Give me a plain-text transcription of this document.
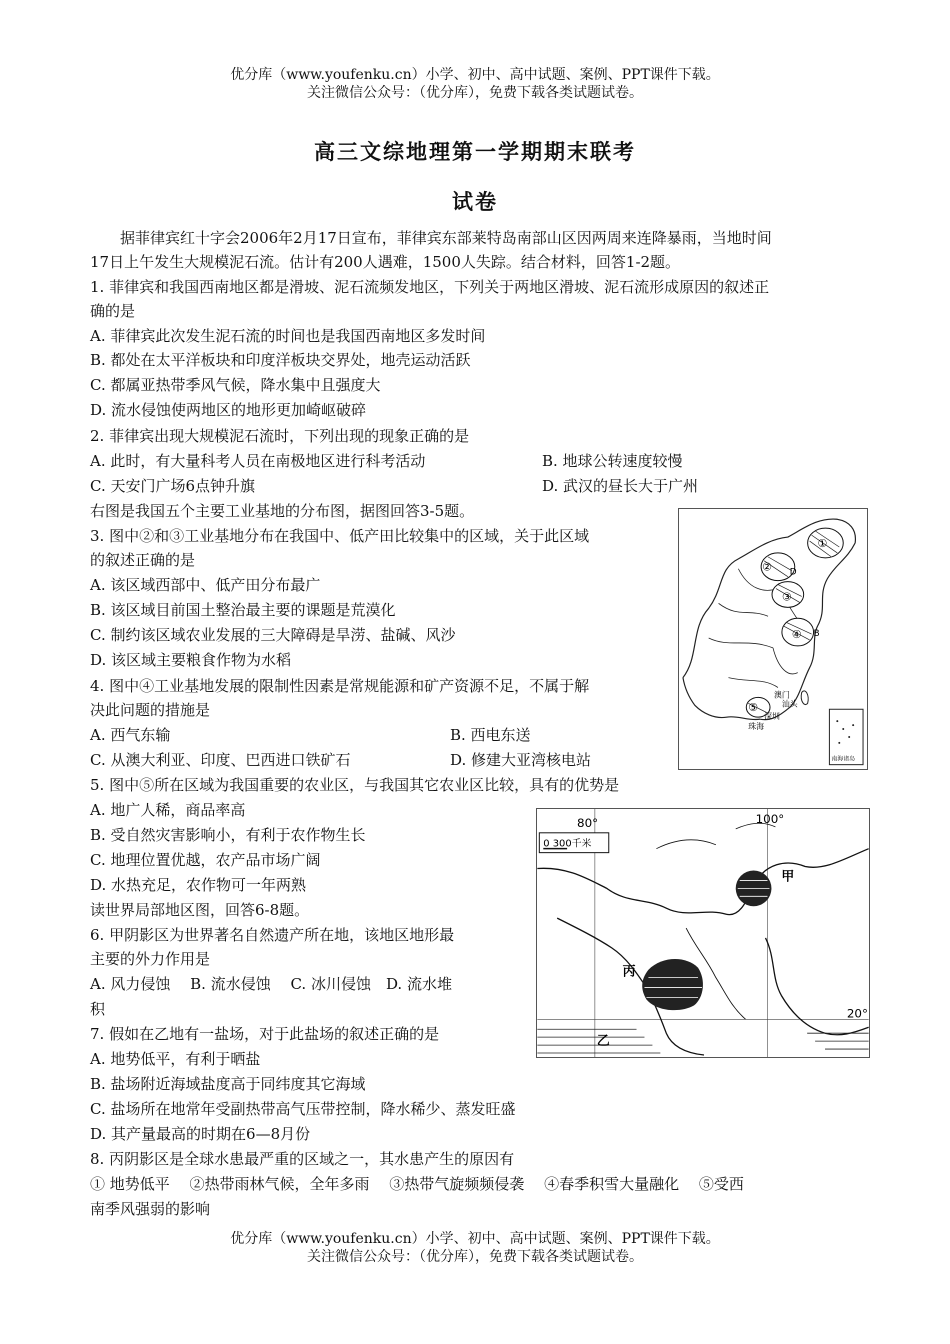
优分库（www.youfenku.cn）小学、初中、高中试题、案例、PPT课件下载。
关注微信公众号：（优分库），免费下载各类试题试卷。
高三文综地理第一学期期末联考
试卷
据菲律宾红十字会2006年2月17日宣布，菲律宾东部莱特岛南部山区因两周来连降暴雨，当地时间
17日上午发生大规模泥石流。估计有200人遇难，1500人失踪。结合材料，回答1-2题。
1. 菲律宾和我国西南地区都是滑坡、泥石流频发地区，下列关于两地区滑坡、泥石流形成原因的叙述正
确的是
A. 菲律宾此次发生泥石流的时间也是我国西南地区多发时间
B. 都处在太平洋板块和印度洋板块交界处，地壳运动活跃
C. 都属亚热带季风气候，降水集中且强度大
D. 流水侵蚀使两地区的地形更加崎岖破碎
2. 菲律宾出现大规模泥石流时，下列出现的现象正确的是
A. 此时，有大量科考人员在南极地区进行科考活动	B. 地球公转速度较慢
C. 天安门广场6点钟升旗	D. 武汉的昼长大于广州
右图是我国五个主要工业基地的分布图，据图回答3-5题。
3. 图中②和③工业基地分布在我国中、低产田比较集中的区域，关于此区域
的叙述正确的是
A. 该区域西部中、低产田分布最广
B. 该区域目前国土整治最主要的课题是荒漠化
C. 制约该区域农业发展的三大障碍是旱涝、盐碱、风沙
D. 该区域主要粮食作物为水稻
4. 图中④工业基地发展的限制性因素是常规能源和矿产资源不足，不属于解
决此问题的措施是
A. 西气东输	B. 西电东送
C. 从澳大利亚、印度、巴西进口铁矿石	D. 修建大亚湾核电站
5. 图中⑤所在区域为我国重要的农业区，与我国其它农业区比较，具有的优势是
A. 地广人稀，商品率高
B. 受自然灾害影响小，有利于农作物生长
C. 地理位置优越，农产品市场广阔
D. 水热充足，农作物可一年两熟
读世界局部地区图，回答6-8题。
6. 甲阴影区为世界著名自然遗产所在地，该地区地形最
主要的外力作用是
A. 风力侵蚀　 B. 流水侵蚀　 C. 冰川侵蚀　D. 流水堆
积
7. 假如在乙地有一盐场，对于此盐场的叙述正确的是
A. 地势低平，有利于晒盐
B. 盐场附近海域盐度高于同纬度其它海域
C. 盐场所在地常年受副热带高气压带控制，降水稀少、蒸发旺盛
D. 其产量最高的时期在6—8月份
8. 丙阴影区是全球水患最严重的区域之一，其水患产生的原因有
① 地势低平　 ②热带雨林气候，全年多雨　 ③热带气旋频频侵袭　 ④春季积雪大量融化　 ⑤受西
南季风强弱的影响
优分库（www.youfenku.cn）小学、初中、高中试题、案例、PPT课件下载。
关注微信公众号：（优分库），免费下载各类试题试卷。
①
②
③
④
⑤
D
B
澳门
汕头
深圳
珠海
南海诸岛
80°	100°
20°
0 300千米
甲
丙
乙
